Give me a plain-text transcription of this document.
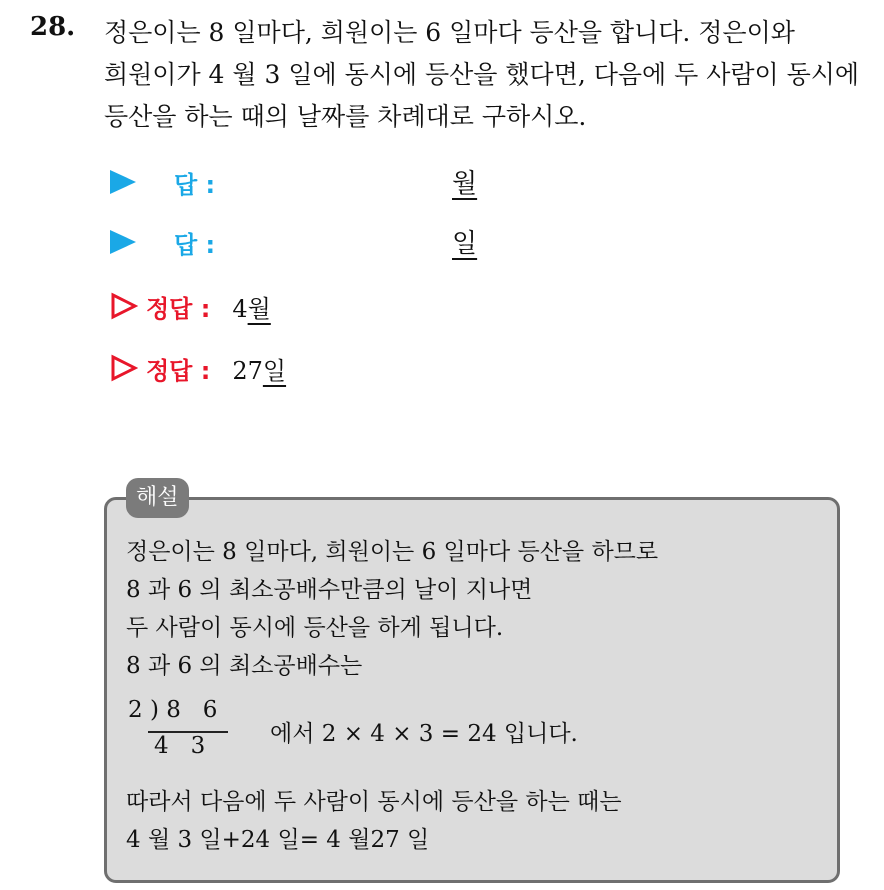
28. 정은이는 8 일마다, 희원이는 6 일마다 등산을 합니다. 정은이와
희원이가 4 월 3 일에 동시에 등산을 했다면, 다음에 두 사람이 동시에
등산을 하는 때의 날짜를 차례대로 구하시오.
답 :	월
답 :	일
정답 : 4월
정답 : 27일
해설
정은이는 8 일마다, 희원이는 6 일마다 등산을 하므로
8 과 6 의 최소공배수만큼의 날이 지나면
두 사람이 동시에 등산을 하게 됩니다.
8 과 6 의 최소공배수는
2 ) 8   6
4   3	에서 2 × 4 × 3 = 24 입니다.
따라서 다음에 두 사람이 동시에 등산을 하는 때는
4 월 3 일+24 일= 4 월27 일
